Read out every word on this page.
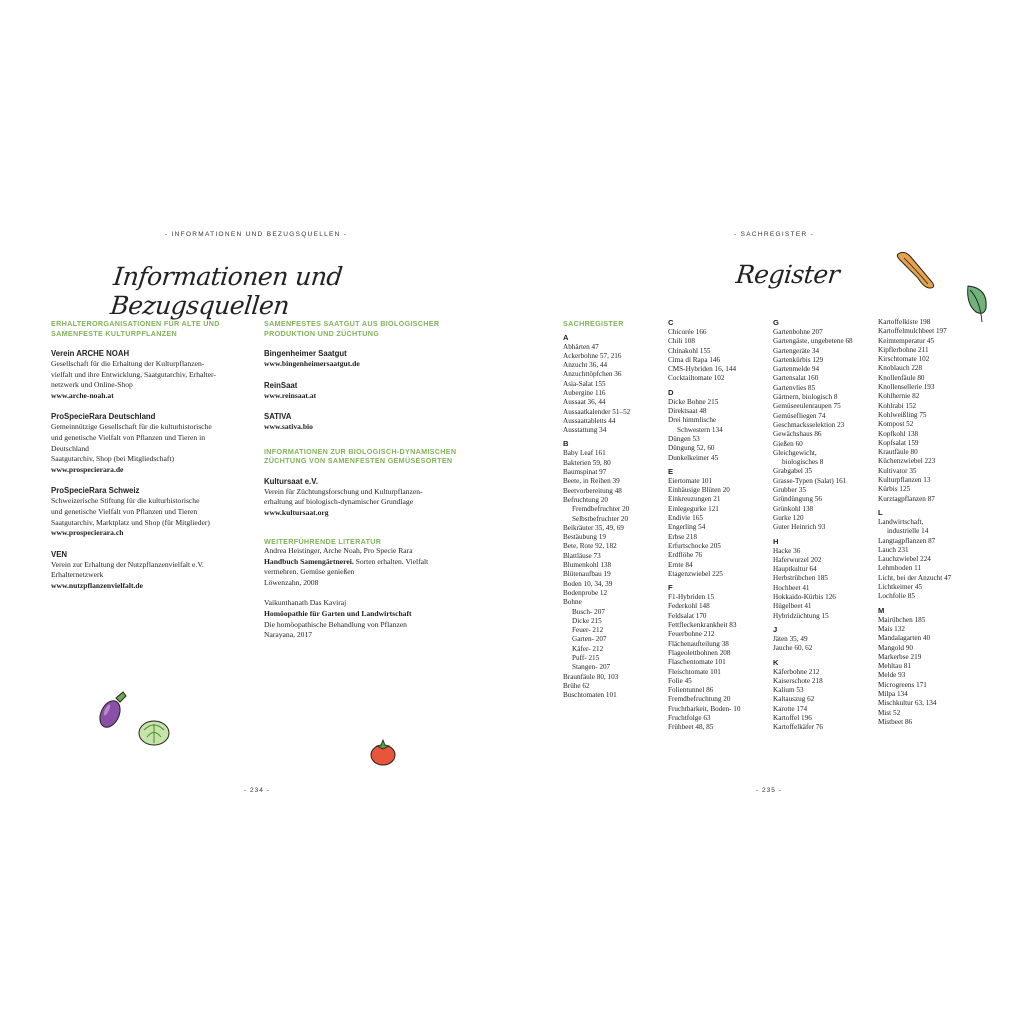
- INFORMATIONEN UND BEZUGSQUELLEN -
Informationen und Bezugsquellen
ERHALTERORGANISATIONEN FÜR ALTE UND SAMENFESTE KULTURPFLANZEN
Verein ARCHE NOAH
Gesellschaft für die Erhaltung der Kulturpflanzen-
vielfalt und ihre Entwicklung, Saatgutarchiv, Erhalter-
netzwerk und Online-Shop
www.arche-noah.at
ProSpecieRara Deutschland
Gemeinnützige Gesellschaft für die kulturhistorische
und genetische Vielfalt von Pflanzen und Tieren in
Deutschland
Saatgutarchiv, Shop (bei Mitgliedschaft)
www.prospecierara.de
ProSpecieRara Schweiz
Schweizerische Stiftung für die kulturhistorische
und genetische Vielfalt von Pflanzen und Tieren
Saatgutarchiv, Marktplatz und Shop (für Mitglieder)
www.prospecierara.ch
VEN
Verein zur Erhaltung der Nutzpflanzenvielfalt e.V.
Erhalternetzwerk
www.nutzpflanzenvielfalt.de
SAMENFESTES SAATGUT AUS BIOLOGISCHER PRODUKTION UND ZÜCHTUNG
Bingenheimer Saatgut
www.bingenheimersaatgut.de
ReinSaat
www.reinsaat.at
SATIVA
www.sativa.bio
INFORMATIONEN ZUR BIOLOGISCH-DYNAMISCHEN ZÜCHTUNG VON SAMENFESTEN GEMÜSESORTEN
Kultursaat e.V.
Verein für Züchtungsforschung und Kulturpflanzen-
erhaltung auf biologisch-dynamischer Grundlage
www.kultursaat.org
WEITERFÜHRENDE LITERATUR
Andrea Heistinger, Arche Noah, Pro Specie Rara
Handbuch Samengärtnerei. Sorten erhalten. Vielfalt
vermehren. Gemüse genießen
Löwenzahn, 2008
Vaikunthanath Das Kaviraj
Homöopathie für Garten und Landwirtschaft
Die homöopathische Behandlung von Pflanzen
Narayana, 2017
- 234 -
- SACHREGISTER -
Register
SACHREGISTER
A
Abhärten 47
Ackerbohne 57, 216
Anzucht 36, 44
Anzuchttöpfchen 36
Asia-Salat 155
Aubergine 116
Aussaat 36, 44
Aussaatkalender 51–52
Aussaattabletts 44
Ausstattung 34
B
Baby Leaf 161
Bakterien 59, 80
Baumspinat 97
Beete, in Reihen 39
Beetvorbereitung 48
Befruchtung 20
Fremdbefruchter 20
Selbstbefruchter 20
Beikräuter 35, 49, 69
Bestäubung 19
Bete, Rote 92, 182
Blattläuse 73
Blumenkohl 138
Blütenaufbau 19
Boden 10, 34, 39
Bodenprobe 12
Bohne
Busch- 207
Dicke 215
Feuer- 212
Garten- 207
Käfer- 212
Puff- 215
Stangen- 207
Braunfäule 80, 103
Brühe 62
Buschtomaten 101
C
Chicorée 166
Chili 108
Chinakohl 155
Cima di Rapa 146
CMS-Hybriden 16, 144
Cocktailtomate 102
D
Dicke Bohne 215
Direktsaat 48
Drei himmlische
Schwestern 134
Düngen 53
Düngung 52, 60
Dunkelkeimer 45
E
Eiertomate 101
Einhäusige Blüten 20
Einkreuzungen 21
Einlegegurke 121
Endivie 165
Engerling 54
Erbse 218
Erfurtschocke 205
Erdflöhe 76
Ernte 84
Etagenzwiebel 225
F
F1-Hybriden 15
Federkohl 148
Feldsalat 170
Fettfleckenkrankheit 83
Feuerbohne 212
Flächenaufteilung 38
Flageolettbohnen 208
Flaschentomate 101
Fleischtomate 101
Folie 45
Folientunnel 86
Fremdbefruchtung 20
Fruchtbarkeit, Boden- 10
Fruchtfolge 63
Frühbeet 48, 85
G
Gartenbohne 207
Gartengäste, ungebetene 68
Gartengeräte 34
Gartenkürbis 129
Gartenmelde 94
Gartensalat 160
Gartenvlies 85
Gärtnern, biologisch 8
Gemüseeulenraupen 75
Gemüsefliegen 74
Geschmacksselektion 23
Gewächshaus 86
Gießen 60
Gleichgewicht,
biologisches 8
Grabgabel 35
Grasse-Typen (Salat) 161
Grubber 35
Gründüngung 56
Grünkohl 138
Gurke 120
Guter Heinrich 93
H
Hacke 36
Haferwurzel 202
Hauptkultur 64
Herbstrübchen 185
Hochbeet 41
Hokkaido-Kürbis 126
Hügelbeet 41
Hybridzüchtung 15
J
Jäten 35, 49
Jauche 60, 62
K
Käferbohne 212
Kaiserschote 218
Kalium 53
Kaltauszug 62
Karotte 174
Kartoffel 196
Kartoffelkäfer 76
Kartoffelkiste 198
Kartoffelmulchbeet 197
Keimtemperatur 45
Kipflerbohne 211
Kirschtomate 102
Knoblauch 228
Knollenfäule 80
Knollensellerie 193
Kohlhernie 82
Kohlrabi 152
Kohlweißling 75
Kompost 52
Kopfkohl 138
Kopfsalat 159
Krautfäule 80
Küchenzwiebel 223
Kultivator 35
Kulturpflanzen 13
Kürbis 125
Kurztagpflanzen 87
L
Landwirtschaft,
industrielle 14
Langtagpflanzen 87
Lauch 231
Lauchzwiebel 224
Lehmboden 11
Licht, bei der Anzucht 47
Lichtkeimer 45
Lochfolie 85
M
Mairübchen 185
Mais 132
Mandalagarten 40
Mangold 90
Markerbse 219
Mehltau 81
Melde 93
Microgreens 171
Milpa 134
Mischkultur 63, 134
Mist 52
Mistbeet 86
- 235 -
